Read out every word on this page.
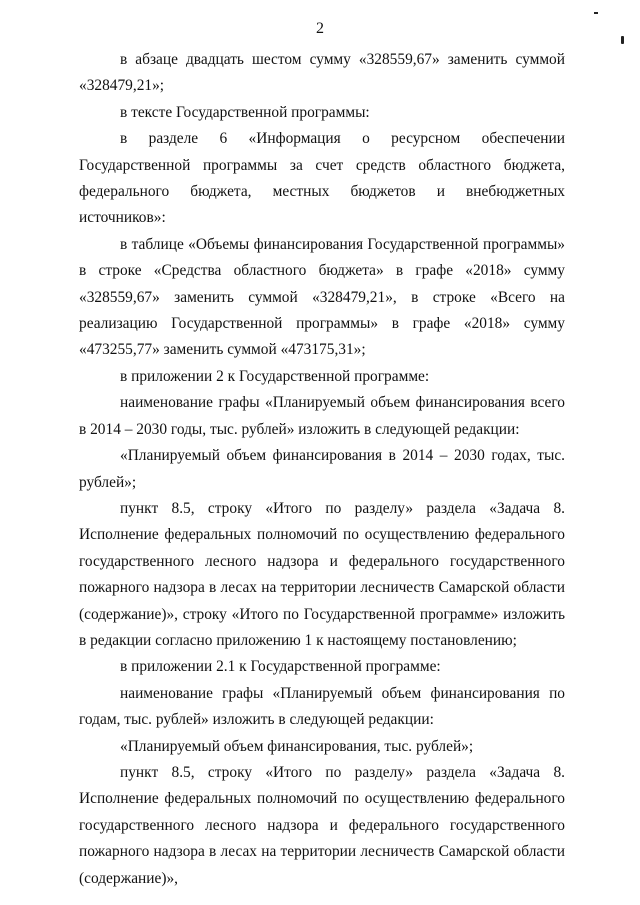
2

в абзаце двадцать шестом сумму «328559,67» заменить суммой «328479,21»;

в тексте Государственной программы:

в разделе 6 «Информация о ресурсном обеспечении Государственной программы за счет средств областного бюджета, федерального бюджета, местных бюджетов и внебюджетных источников»:

в таблице «Объемы финансирования Государственной программы» в строке «Средства областного бюджета» в графе «2018» сумму «328559,67» заменить суммой «328479,21», в строке «Всего на реализацию Государственной программы» в графе «2018» сумму «473255,77» заменить суммой «473175,31»;

в приложении 2 к Государственной программе:

наименование графы «Планируемый объем финансирования всего в 2014 – 2030 годы, тыс. рублей» изложить в следующей редакции:

«Планируемый объем финансирования в 2014 – 2030 годах, тыс. рублей»;

пункт 8.5, строку «Итого по разделу» раздела «Задача 8. Исполнение федеральных полномочий по осуществлению федерального государственного лесного надзора и федерального государственного пожарного надзора в лесах на территории лесничеств Самарской области (содержание)», строку «Итого по Государственной программе» изложить в редакции согласно приложению 1 к настоящему постановлению;

в приложении 2.1 к Государственной программе:

наименование графы «Планируемый объем финансирования по годам, тыс. рублей» изложить в следующей редакции:

«Планируемый объем финансирования, тыс. рублей»;

пункт 8.5, строку «Итого по разделу» раздела «Задача 8. Исполнение федеральных полномочий по осуществлению федерального государственного лесного надзора и федерального государственного пожарного надзора в лесах на территории лесничеств Самарской области (содержание)»,
